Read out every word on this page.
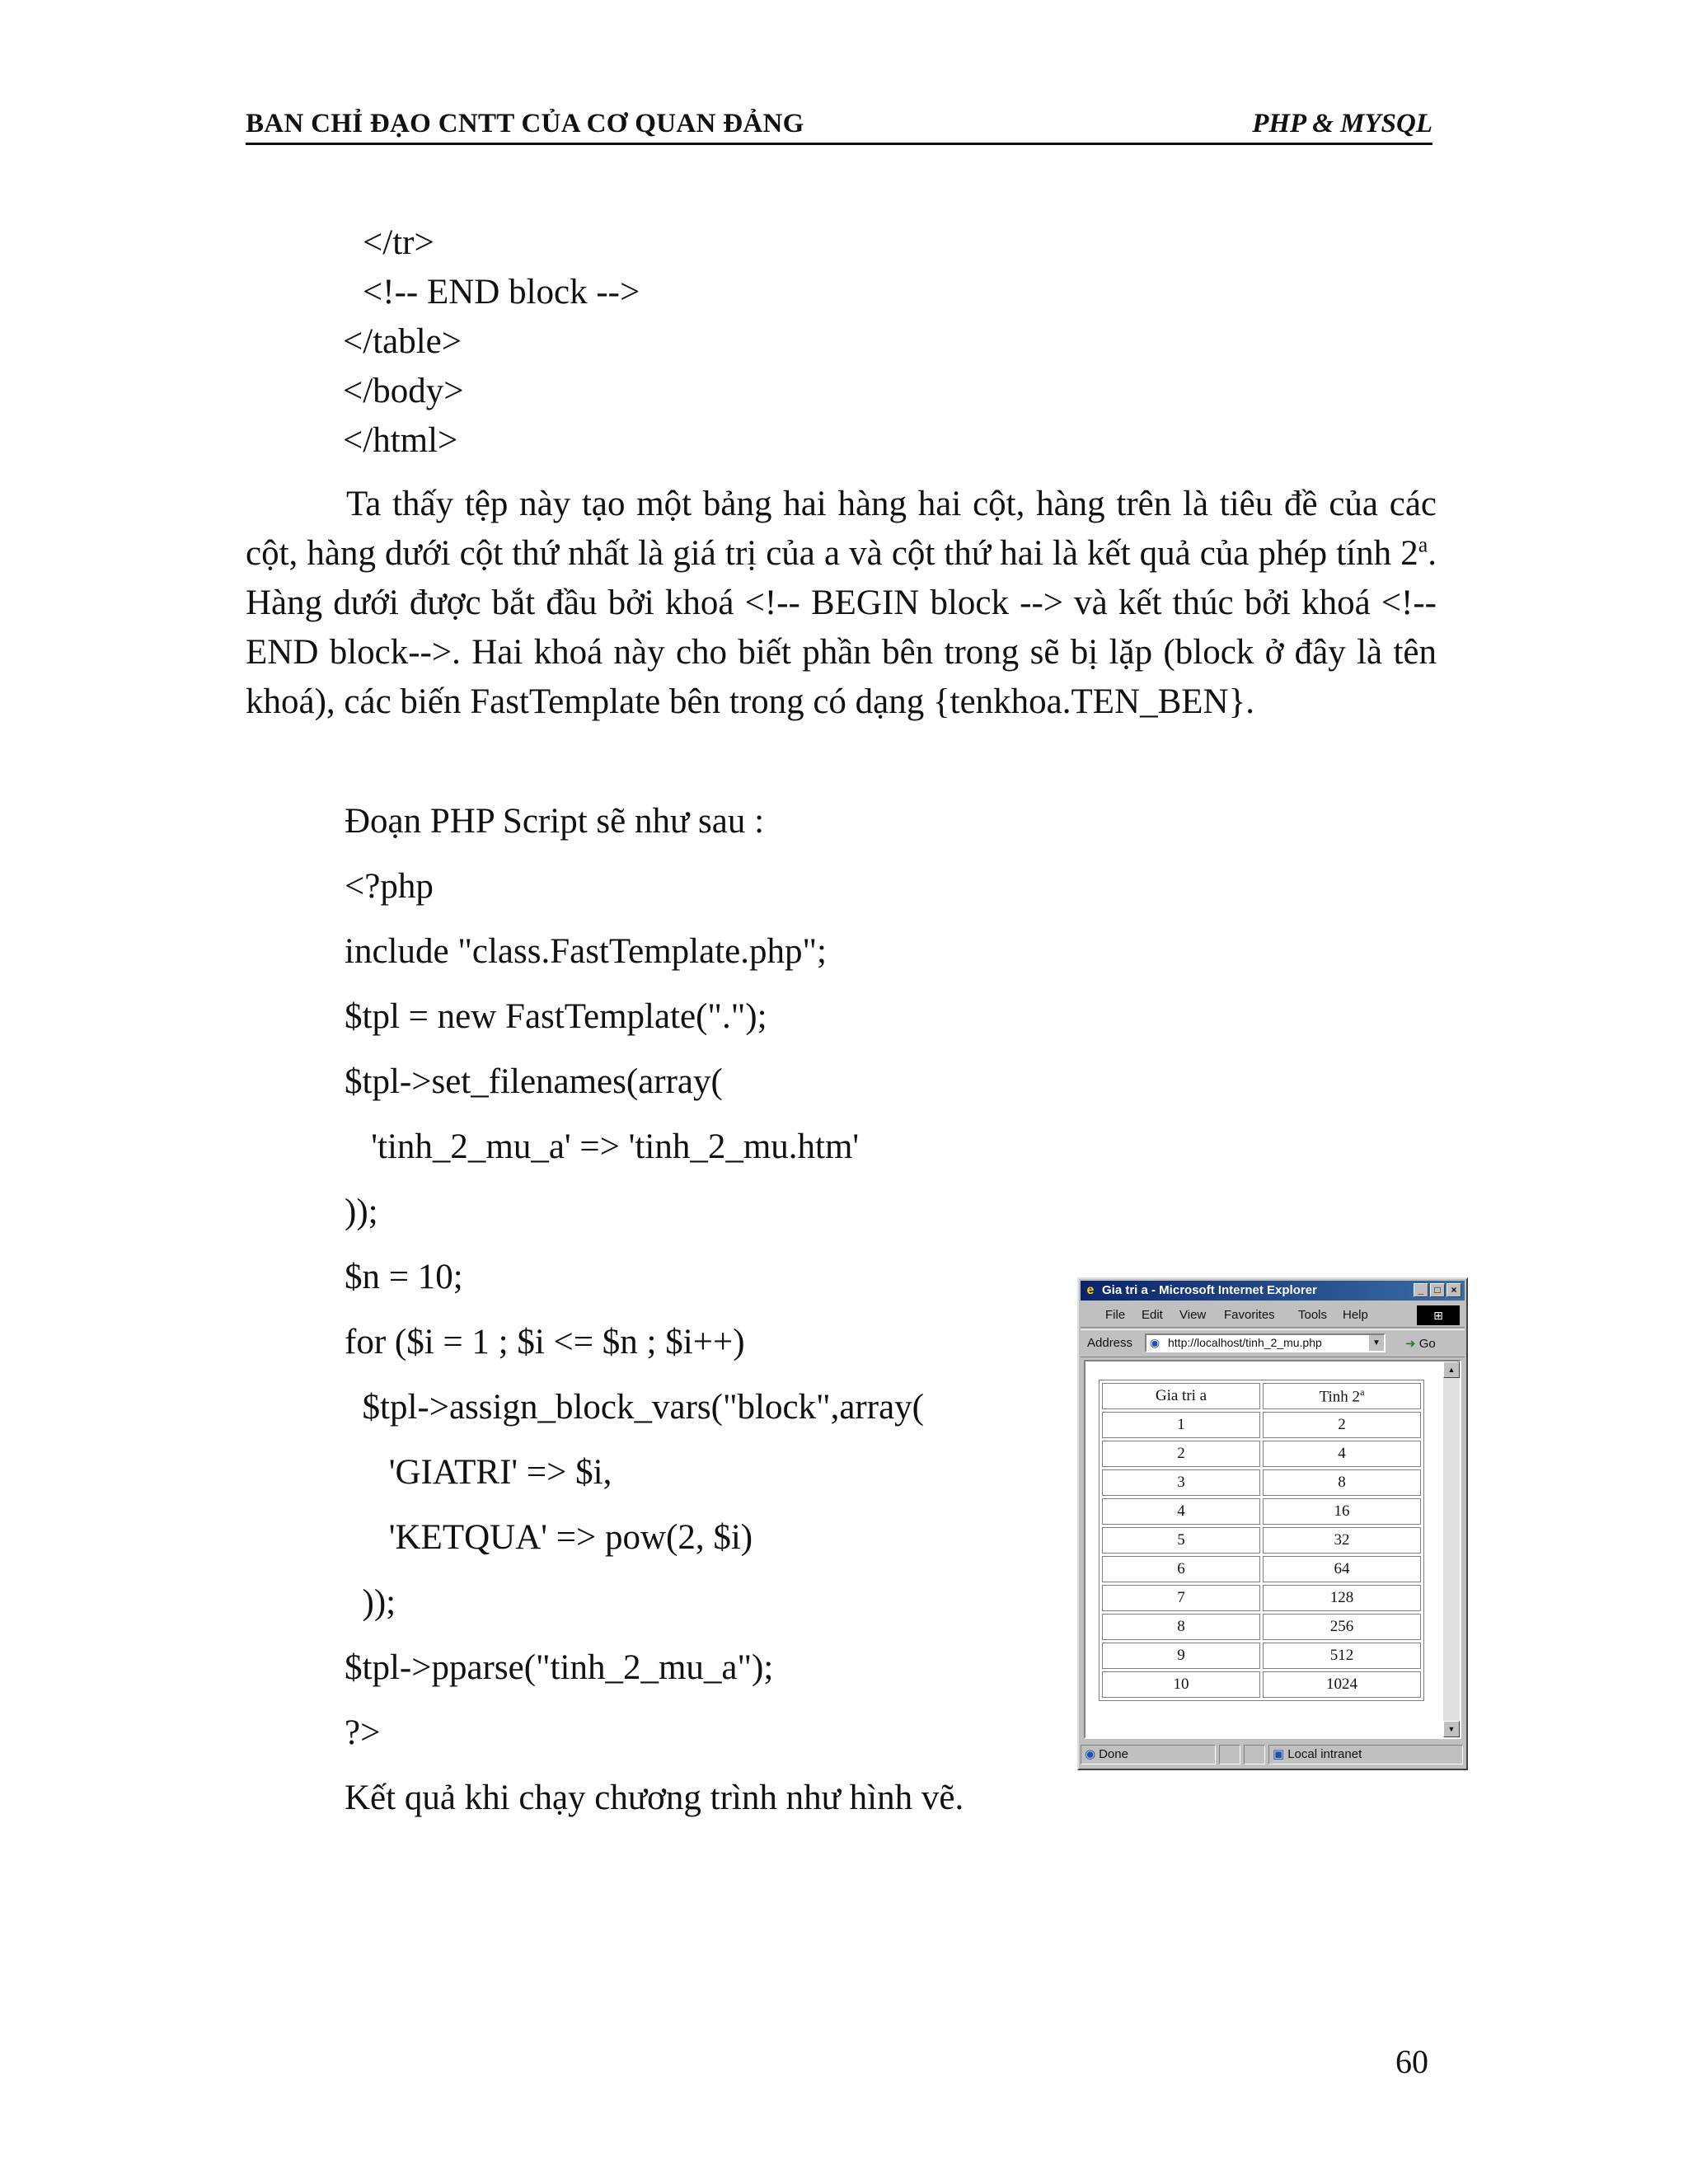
BAN CHỈ ĐẠO CNTT CỦA CƠ QUAN ĐẢNG	PHP & MYSQL
</tr>
<!-- END block -->
</table>
</body>
</html>
Ta thấy tệp này tạo một bảng hai hàng hai cột, hàng trên là tiêu đề của các cột, hàng dưới cột thứ nhất là giá trị của a và cột thứ hai là kết quả của phép tính 2$^a$. Hàng dưới được bắt đầu bởi khoá <!-- BEGIN block --> và kết thúc bởi khoá <!-- END block-->. Hai khoá này cho biết phần bên trong sẽ bị lặp (block ở đây là tên khoá), các biến FastTemplate bên trong có dạng {tenkhoa.TEN_BEN}.
Đoạn PHP Script sẽ như sau :
<?php
include "class.FastTemplate.php";
$tpl = new FastTemplate(".");
$tpl->set_filenames(array(
'tinh_2_mu_a' => 'tinh_2_mu.htm'
));
$n = 10;
for ($i = 1 ; $i <= $n ; $i++)
$tpl->assign_block_vars("block",array(
'GIATRI' => $i,
'KETQUA' => pow(2, $i)
));
$tpl->pparse("tinh_2_mu_a");
?>
Kết quả khi chạy chương trình như hình vẽ.
e Gia tri a - Microsoft Internet Explorer	_	□	×
File Edit View Favorites Tools Help	⊞
Address ◉ http://localhost/tinh_2_mu.php	▼ ➜ Go
Gia tri a	Tinh 2$^a$
1	2
2	4
3	8
4	16
5	32
6	64
7	128
8	256
9	512
10	1024
▲
▼
◉ Done	▣ Local intranet
60
